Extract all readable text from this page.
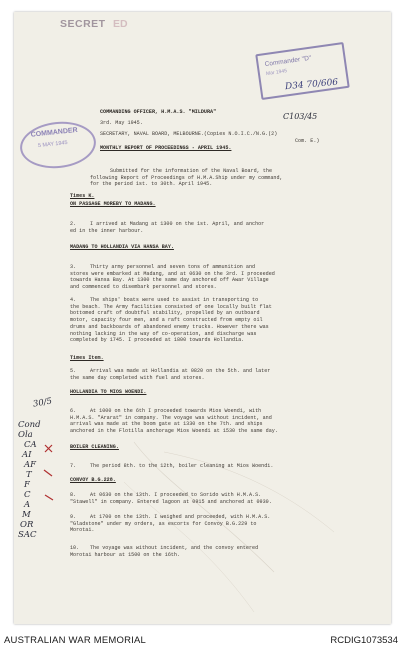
SECRET ED
Commander "D"
Mar 1945
D34 70/606
C103/45
COMMANDER
5 MAY 1945
COMMANDING OFFICER, H.M.A.S. "MILDURA"
3rd. May 1945.
SECRETARY, NAVAL BOARD, MELBOURNE.(Copies N.O.I.C./N.G.(2)
Com. E.)
MONTHLY REPORT OF PROCEEDINGS - APRIL 1945.
Submitted for the information of the Naval Board, the
following Report of Proceedings of H.M.A.Ship under my command,
for the period 1st. to 30th. April 1945.
Times K.
ON PASSAGE MOREBY TO MADANG.
2.	I arrived at Madang at 1300 on the 1st. April, and anchor
ed in the inner harbour.
MADANG TO HOLLANDIA VIA HANSA BAY.
3.	Thirty army personnel and seven tons of ammunition and
stores were embarked at Madang, and at 0630 on the 3rd. I proceeded
towards Hansa Bay. At 1300 the same day anchored off Awar Village
and commenced to disembark personnel and stores.
4.	The ships' boats were used to assist in transporting to
the beach. The Army facilities consisted of one locally built flat
bottomed craft of doubtful stability, propelled by an outboard
motor, capacity four men, and a raft constructed from empty oil
drums and backboards of abandoned enemy trucks. However there was
nothing lacking in the way of co-operation, and discharge was
completed by 1745. I proceeded at 1800 towards Hollandia.
Times Item.
5.	Arrival was made at Hollandia at 0820 on the 5th. and later
the same day completed with fuel and stores.
HOLLANDIA TO MIOS WOENDI.
6.	At 1000 on the 6th I proceeded towards Mios Woendi, with
H.M.A.S. "Ararat" in company. The voyage was without incident, and
arrival was made at the boom gate at 1330 on the 7th. and ships
anchored in the Flotilla anchorage Mios Woendi at 1530 the same day.
BOILER CLEANING.
7.	The period 8th. to the 12th, boiler cleaning at Mios Woendi.
CONVOY B.G.228.
8.	At 0630 on the 13th. I proceeded to Sorido with H.M.A.S.
"Stawell" in company. Entered lagoon at 0915 and anchored at 0930.
9.	At 1700 on the 13th. I weighed and proceeded, with H.M.A.S.
"Gladstone" under my orders, as escorts for Convoy B.G.229 to
Morotai.
10.	The voyage was without incident, and the convoy entered
Morotai harbour at 1500 on the 16th.
30/5
Cond
Ola
CA
AI
AF
T
F
C
A
M
OR
SAC
AUSTRALIAN WAR MEMORIAL	RCDIG1073534
